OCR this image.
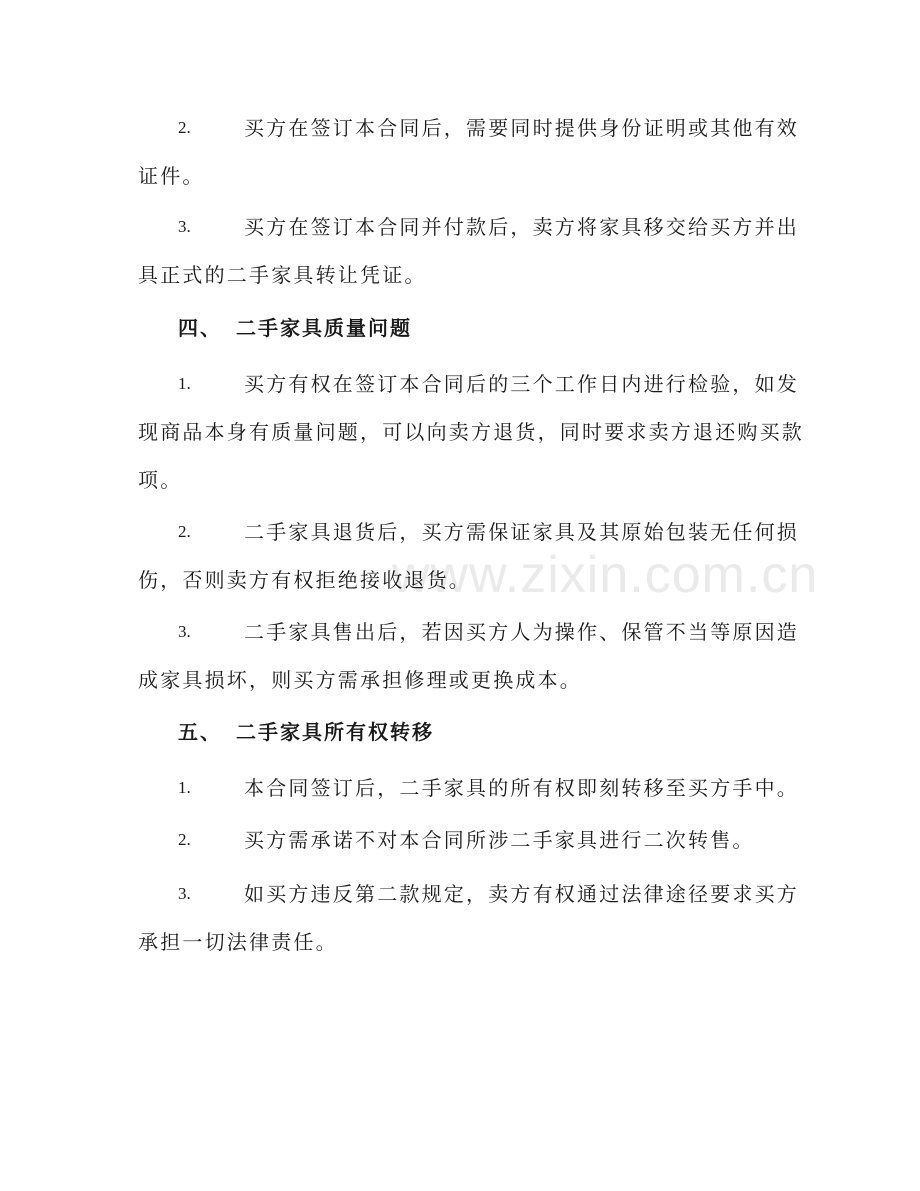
www.zixin.com.cn
2.	买方在签订本合同后，需要同时提供身份证明或其他有效
证件。
3.	买方在签订本合同并付款后，卖方将家具移交给买方并出
具正式的二手家具转让凭证。
四、 二手家具质量问题
1.	买方有权在签订本合同后的三个工作日内进行检验，如发
现商品本身有质量问题，可以向卖方退货，同时要求卖方退还购买款
项。
2.	二手家具退货后，买方需保证家具及其原始包装无任何损
伤，否则卖方有权拒绝接收退货。
3.	二手家具售出后，若因买方人为操作、保管不当等原因造
成家具损坏，则买方需承担修理或更换成本。
五、 二手家具所有权转移
1.	本合同签订后，二手家具的所有权即刻转移至买方手中。
2.	买方需承诺不对本合同所涉二手家具进行二次转售。
3.	如买方违反第二款规定，卖方有权通过法律途径要求买方
承担一切法律责任。
